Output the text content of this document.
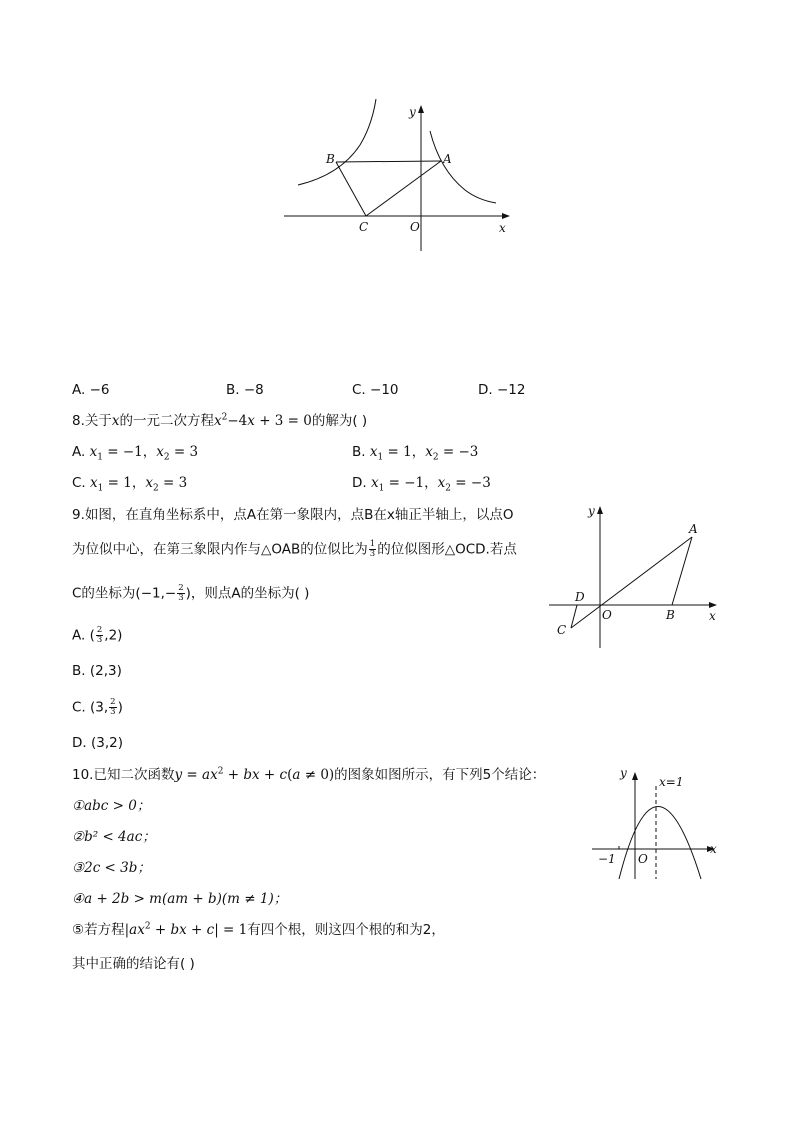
y
B	A
C	O	x
A. −6	B. −8	C. −10	D. −12
8.关于x的一元二次方程$x^2-4x + 3 = 0$的解为( )
A. $x_1 = -1$，$x_2 = 3$	B. $x_1 = 1$，$x_2 = -3$
C. $x_1 = 1$，$x_2 = 3$	D. $x_1 = -1$，$x_2 = -3$
9.如图，在直角坐标系中，点A在第一象限内，点B在x轴正半轴上，以点O
为位似中心，在第三象限内作与△OAB的位似比为 $\frac{1}{3}$ 的位似图形△OCD.若点
C的坐标为($-1,- \frac{2}{3}$ )，则点A的坐标为( )
A. ( $\frac{2}{3} ,2$)
B. (2,3)
C. (3, $\frac{2}{3}$ )
D. (3,2)
y
A
D
O	B	x
C
10.已知二次函数$y = ax^2$ + bx + c(a ≠ 0)的图象如图所示，有下列5个结论：
①abc > 0；
②b² < 4ac；
③2c < 3b；
④a + 2b > m(am + b)(m ≠ 1)；
⑤若方程$|ax^2$ + bx + c| = 1有四个根，则这四个根的和为2，
其中正确的结论有( )
y
x=1
−1 O
x
